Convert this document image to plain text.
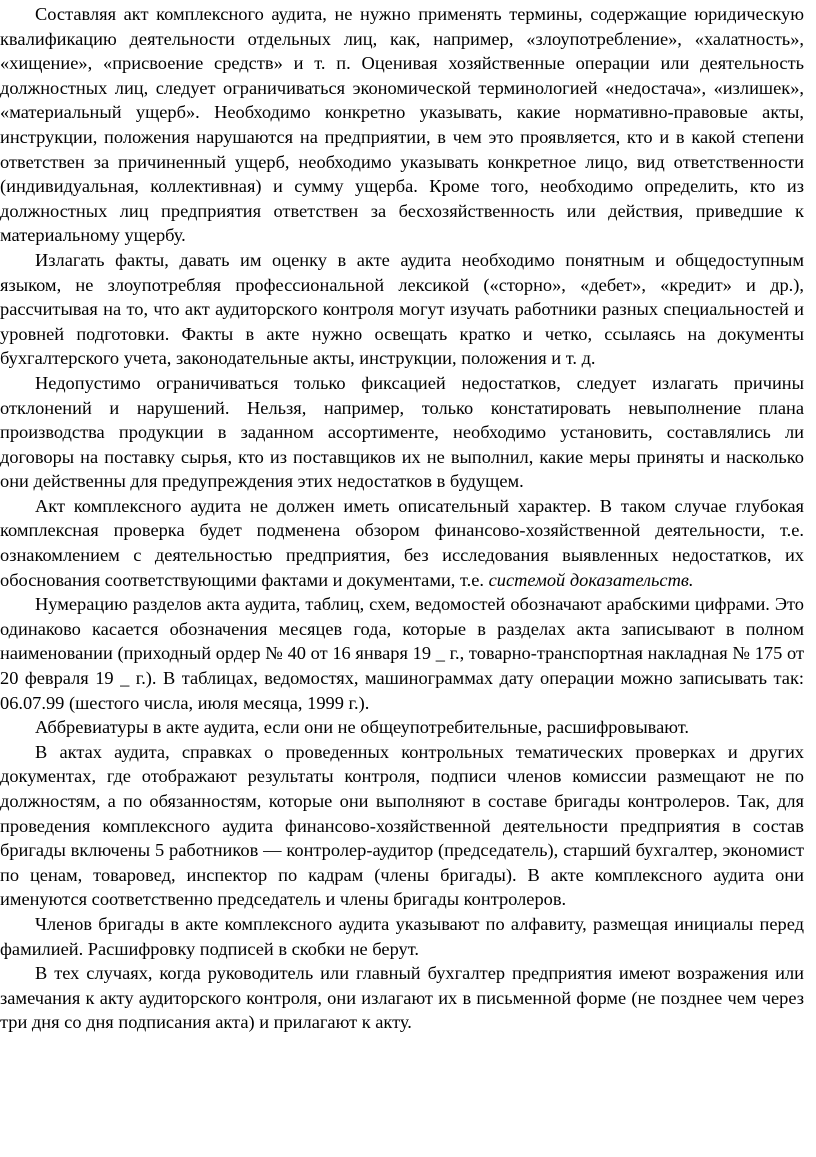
Составляя акт комплексного аудита, не нужно применять термины, содержащие юридическую квалификацию деятельности отдельных лиц, как, например, «злоупотребление», «халатность», «хищение», «присвоение средств» и т. п. Оценивая хозяйственные операции или деятельность должностных лиц, следует ограничиваться экономической терминологией «недостача», «излишек», «материальный ущерб». Необходимо конкретно указывать, какие нормативно-правовые акты, инструкции, положения нарушаются на предприятии, в чем это проявляется, кто и в какой степени ответствен за причиненный ущерб, необходимо указывать конкретное лицо, вид ответственности (индивидуальная, коллективная) и сумму ущерба. Кроме того, необходимо определить, кто из должностных лиц предприятия ответствен за бесхозяйственность или действия, приведшие к материальному ущербу.

Излагать факты, давать им оценку в акте аудита необходимо понятным и общедоступным языком, не злоупотребляя профессиональной лексикой («сторно», «дебет», «кредит» и др.), рассчитывая на то, что акт аудиторского контроля могут изучать работники разных специальностей и уровней подготовки. Факты в акте нужно освещать кратко и четко, ссылаясь на документы бухгалтерского учета, законодательные акты, инструкции, положения и т. д.

Недопустимо ограничиваться только фиксацией недостатков, следует излагать причины отклонений и нарушений. Нельзя, например, только констатировать невыполнение плана производства продукции в заданном ассортименте, необходимо установить, составлялись ли договоры на поставку сырья, кто из поставщиков их не выполнил, какие меры приняты и насколько они действенны для предупреждения этих недостатков в будущем.

Акт комплексного аудита не должен иметь описательный характер. В таком случае глубокая комплексная проверка будет подменена обзором финансово-хозяйственной деятельности, т.е. ознакомлением с деятельностью предприятия, без исследования выявленных недостатков, их обоснования соответствующими фактами и документами, т.е. системой доказательств.

Нумерацию разделов акта аудита, таблиц, схем, ведомостей обозначают арабскими цифрами. Это одинаково касается обозначения месяцев года, которые в разделах акта записывают в полном наименовании (приходный ордер № 40 от 16 января 19 _ г., товарно-транспортная накладная № 175 от 20 февраля 19 _ г.). В таблицах, ведомостях, машинограммах дату операции можно записывать так: 06.07.99 (шестого числа, июля месяца, 1999 г.).

Аббревиатуры в акте аудита, если они не общеупотребительные, расшифровывают.

В актах аудита, справках о проведенных контрольных тематических проверках и других документах, где отображают результаты контроля, подписи членов комиссии размещают не по должностям, а по обязанностям, которые они выполняют в составе бригады контролеров. Так, для проведения комплексного аудита финансово-хозяйственной деятельности предприятия в состав бригады включены 5 работников — контролер-аудитор (председатель), старший бухгалтер, экономист по ценам, товаровед, инспектор по кадрам (члены бригады). В акте комплексного аудита они именуются соответственно председатель и члены бригады контролеров.

Членов бригады в акте комплексного аудита указывают по алфавиту, размещая инициалы перед фамилией. Расшифровку подписей в скобки не берут.

В тех случаях, когда руководитель или главный бухгалтер предприятия имеют возражения или замечания к акту аудиторского контроля, они излагают их в письменной форме (не позднее чем через три дня со дня подписания акта) и прилагают к акту.
